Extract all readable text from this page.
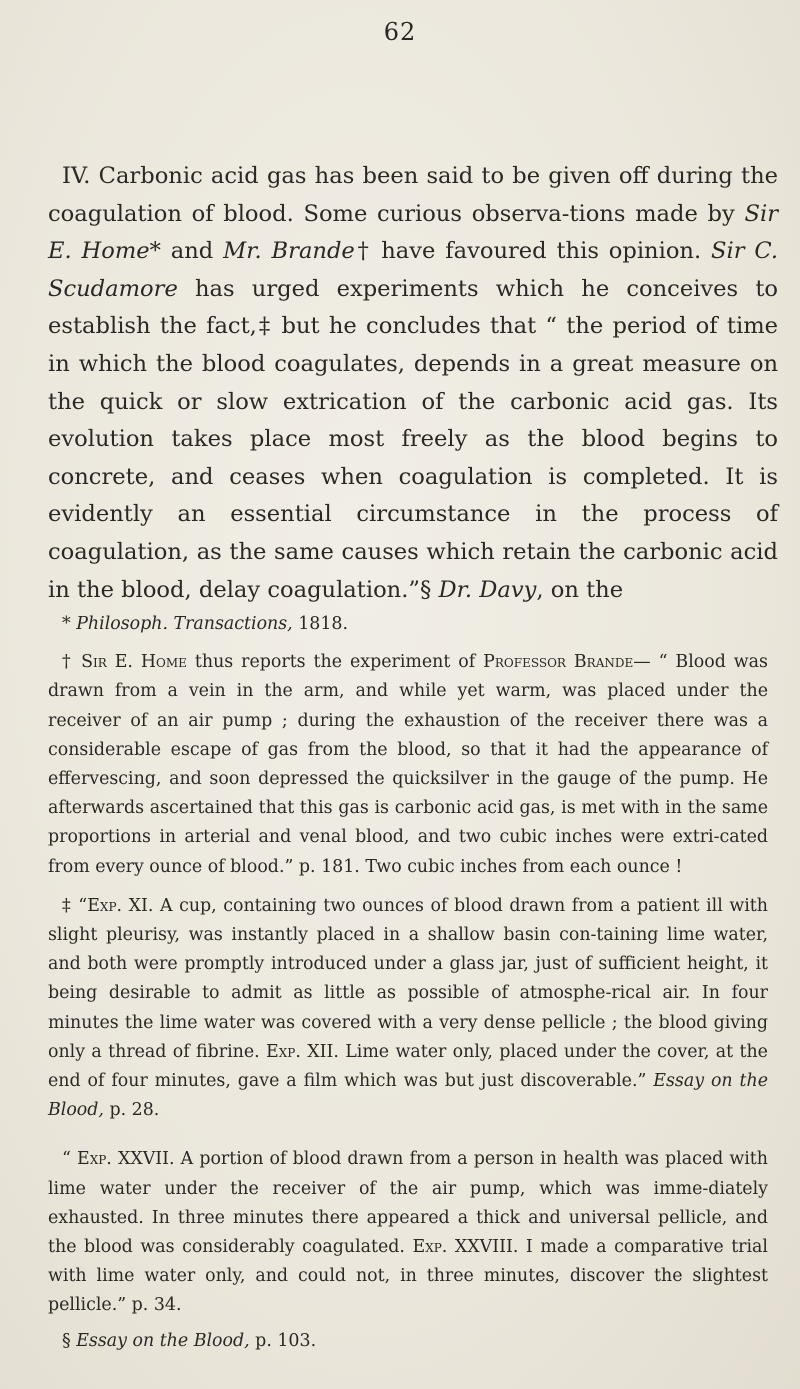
62

IV. Carbonic acid gas has been said to be given off during the coagulation of blood. Some curious observa-tions made by Sir E. Home* and Mr. Brande† have favoured this opinion. Sir C. Scudamore has urged experiments which he conceives to establish the fact,‡ but he concludes that “ the period of time in which the blood coagulates, depends in a great measure on the quick or slow extrication of the carbonic acid gas. Its evolution takes place most freely as the blood begins to concrete, and ceases when coagulation is completed. It is evidently an essential circumstance in the process of coagulation, as the same causes which retain the carbonic acid in the blood, delay coagulation.”§ Dr. Davy, on the

* Philosoph. Transactions, 1818.

† Sir E. Home thus reports the experiment of Professor Brande— “ Blood was drawn from a vein in the arm, and while yet warm, was placed under the receiver of an air pump ; during the exhaustion of the receiver there was a considerable escape of gas from the blood, so that it had the appearance of effervescing, and soon depressed the quicksilver in the gauge of the pump. He afterwards ascertained that this gas is carbonic acid gas, is met with in the same proportions in arterial and venal blood, and two cubic inches were extri-cated from every ounce of blood.” p. 181. Two cubic inches from each ounce !

‡ “Exp. XI. A cup, containing two ounces of blood drawn from a patient ill with slight pleurisy, was instantly placed in a shallow basin con-taining lime water, and both were promptly introduced under a glass jar, just of sufficient height, it being desirable to admit as little as possible of atmosphe-rical air. In four minutes the lime water was covered with a very dense pellicle ; the blood giving only a thread of fibrine. Exp. XII. Lime water only, placed under the cover, at the end of four minutes, gave a film which was but just discoverable.” Essay on the Blood, p. 28.

“ Exp. XXVII. A portion of blood drawn from a person in health was placed with lime water under the receiver of the air pump, which was imme-diately exhausted. In three minutes there appeared a thick and universal pellicle, and the blood was considerably coagulated. Exp. XXVIII. I made a comparative trial with lime water only, and could not, in three minutes, discover the slightest pellicle.” p. 34.

§ Essay on the Blood, p. 103.
